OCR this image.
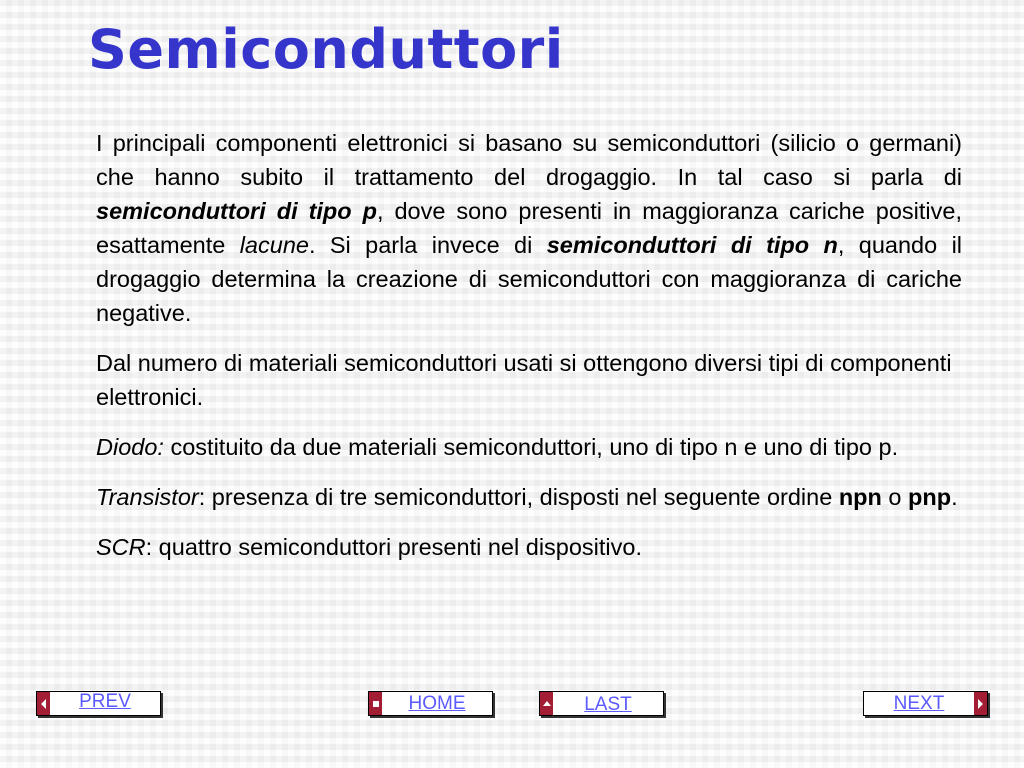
Semiconduttori

I principali componenti elettronici si basano su semiconduttori (silicio o germani) che hanno subito il trattamento del drogaggio. In tal caso si parla di semiconduttori di tipo p, dove sono presenti in maggioranza cariche positive, esattamente lacune. Si parla invece di semiconduttori di tipo n, quando il drogaggio determina la creazione di semiconduttori con maggioranza di cariche negative.

Dal numero di materiali semiconduttori usati si ottengono diversi tipi di componenti elettronici.

Diodo: costituito da due materiali semiconduttori, uno di tipo n e uno di tipo p.

Transistor: presenza di tre semiconduttori, disposti nel seguente ordine npn o pnp.

SCR: quattro semiconduttori presenti nel dispositivo.

PREV	HOME	LAST	NEXT
